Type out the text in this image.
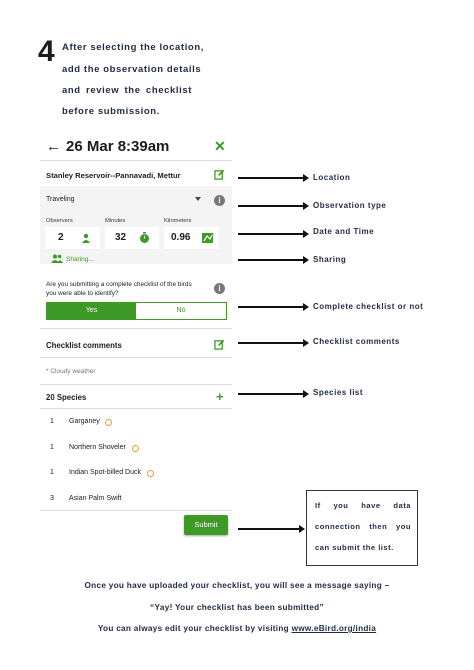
4 After selecting the location,
add the observation details
and review the checklist
before submission.
← 26 Mar 8:39am	✕
Stanley Reservoir--Pannavadi, Mettur
Traveling	i
Observers	Minutes	Kilometers
2	32	0.96
Sharing...
Are you submitting a complete checklist of the birds you were able to identify?
i
Yes	No
Checklist comments
* Cloudy weather
20 Species	+
1 Garganey
1 Northern Shoveler
1 Indian Spot-billed Duck
3 Asian Palm Swift
Submit
Location
Observation type
Date and Time
Sharing
Complete checklist or not
Checklist comments
Species list
If you have data
connection then you
can submit the list.
Once you have uploaded your checklist, you will see a message saying –
“Yay! Your checklist has been submitted”
You can always edit your checklist by visiting www.eBird.org/india
